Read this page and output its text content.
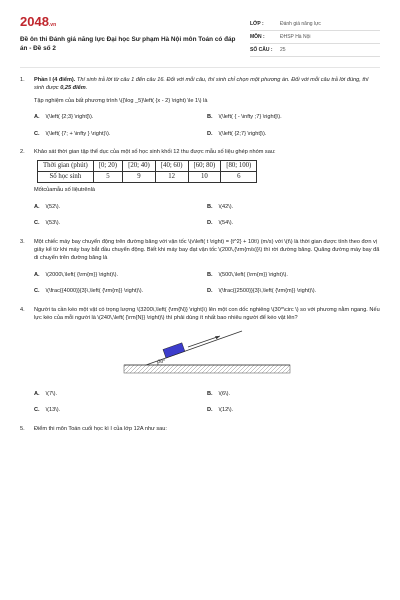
2048.vn
Đề ôn thi Đánh giá năng lực Đại học Sư phạm Hà Nội môn Toán có đáp án - Đề số 2
LỚP :	Đánh giá năng lực
MÔN :	ĐHSP Hà Nội
SỐ CÂU :	25
1.	Phần I (4 điểm). Thí sinh trả lời từ câu 1 đến câu 16. Đối với mỗi câu, thí sinh chỉ chọn một phương án. Đối với mỗi câu trả lời đúng, thí sinh được 0,25 điểm.
Tập nghiệm của bất phương trình \({\log _5}\left( {x - 2} \right) \le 1\) là
A. \(\left( {2;3} \right]\).	B. \(\left( { - \infty ;7} \right]\).
C. \(\left( {7; + \infty } \right)\).	D. \(\left( {2;7} \right]\).
2.	Khảo sát thời gian tập thể dục của một số học sinh khối 12 thu được mẫu số liệu ghép nhóm sau:
Thời gian (phút)	[0; 20)	[20; 40)	[40; 60)	[60; 80)	[80; 100)
Số học sinh	5	9	12	10	6
Mốtcủamẫu số liệutrênlà
A. \(52\).	B. \(42\).
C. \(53\).	D. \(54\).
3.	Một chiếc máy bay chuyển động trên đường băng với vận tốc \(v\left( t \right) = {t^2} + 10t\) (m/s) với \(t\) là thời gian được tính theo đơn vị giây kể từ khi máy bay bắt đầu chuyển động. Biết khi máy bay đạt vận tốc \(200\,{\rm{m/s}}\) thì rời đường băng. Quãng đường máy bay đã di chuyển trên đường băng là
A. \(2000\,\left( {\rm{m}} \right)\).	B. \(500\,\left( {\rm{m}} \right)\).
C. \(\frac{{4000}}{3}\,\left( {\rm{m}} \right)\).	D. \(\frac{{2500}}{3}\,\left( {\rm{m}} \right)\).
4.	Người ta cần kéo một vật có trọng lượng \(3200\,\left( {\rm{N}} \right)\) lên một con dốc nghiêng \(30^\circ \) so với phương nằm ngang. Nếu lực kéo của mỗi người là \(240\,\left( {\rm{N}} \right)\) thì phải dùng ít nhất bao nhiêu người để kéo vật lên?
30°
A. \(7\).	B. \(6\).
C. \(13\).	D. \(12\).
5.	Điểm thi môn Toán cuối học kì I của lớp 12A như sau:
